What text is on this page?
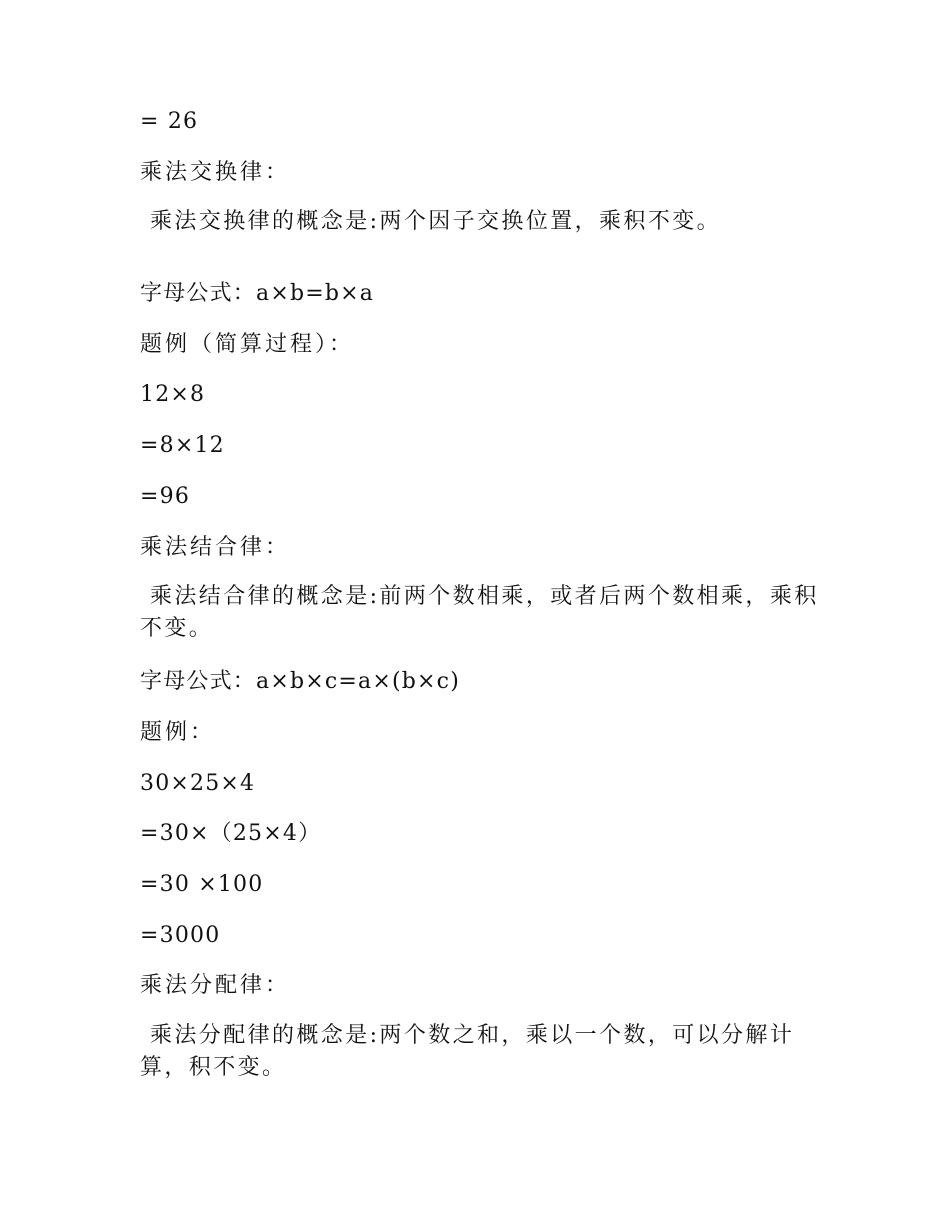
= 26
乘法交换律：
乘法交换律的概念是:两个因子交换位置，乘积不变。
字母公式：a×b=b×a
题例（简算过程）：
12×8
=8×12
=96
乘法结合律：
乘法结合律的概念是:前两个数相乘，或者后两个数相乘，乘积不变。
字母公式：a×b×c=a×(b×c)
题例：
30×25×4
=30×（25×4）
=30 ×100
=3000
乘法分配律：
乘法分配律的概念是:两个数之和，乘以一个数，可以分解计算，积不变。
